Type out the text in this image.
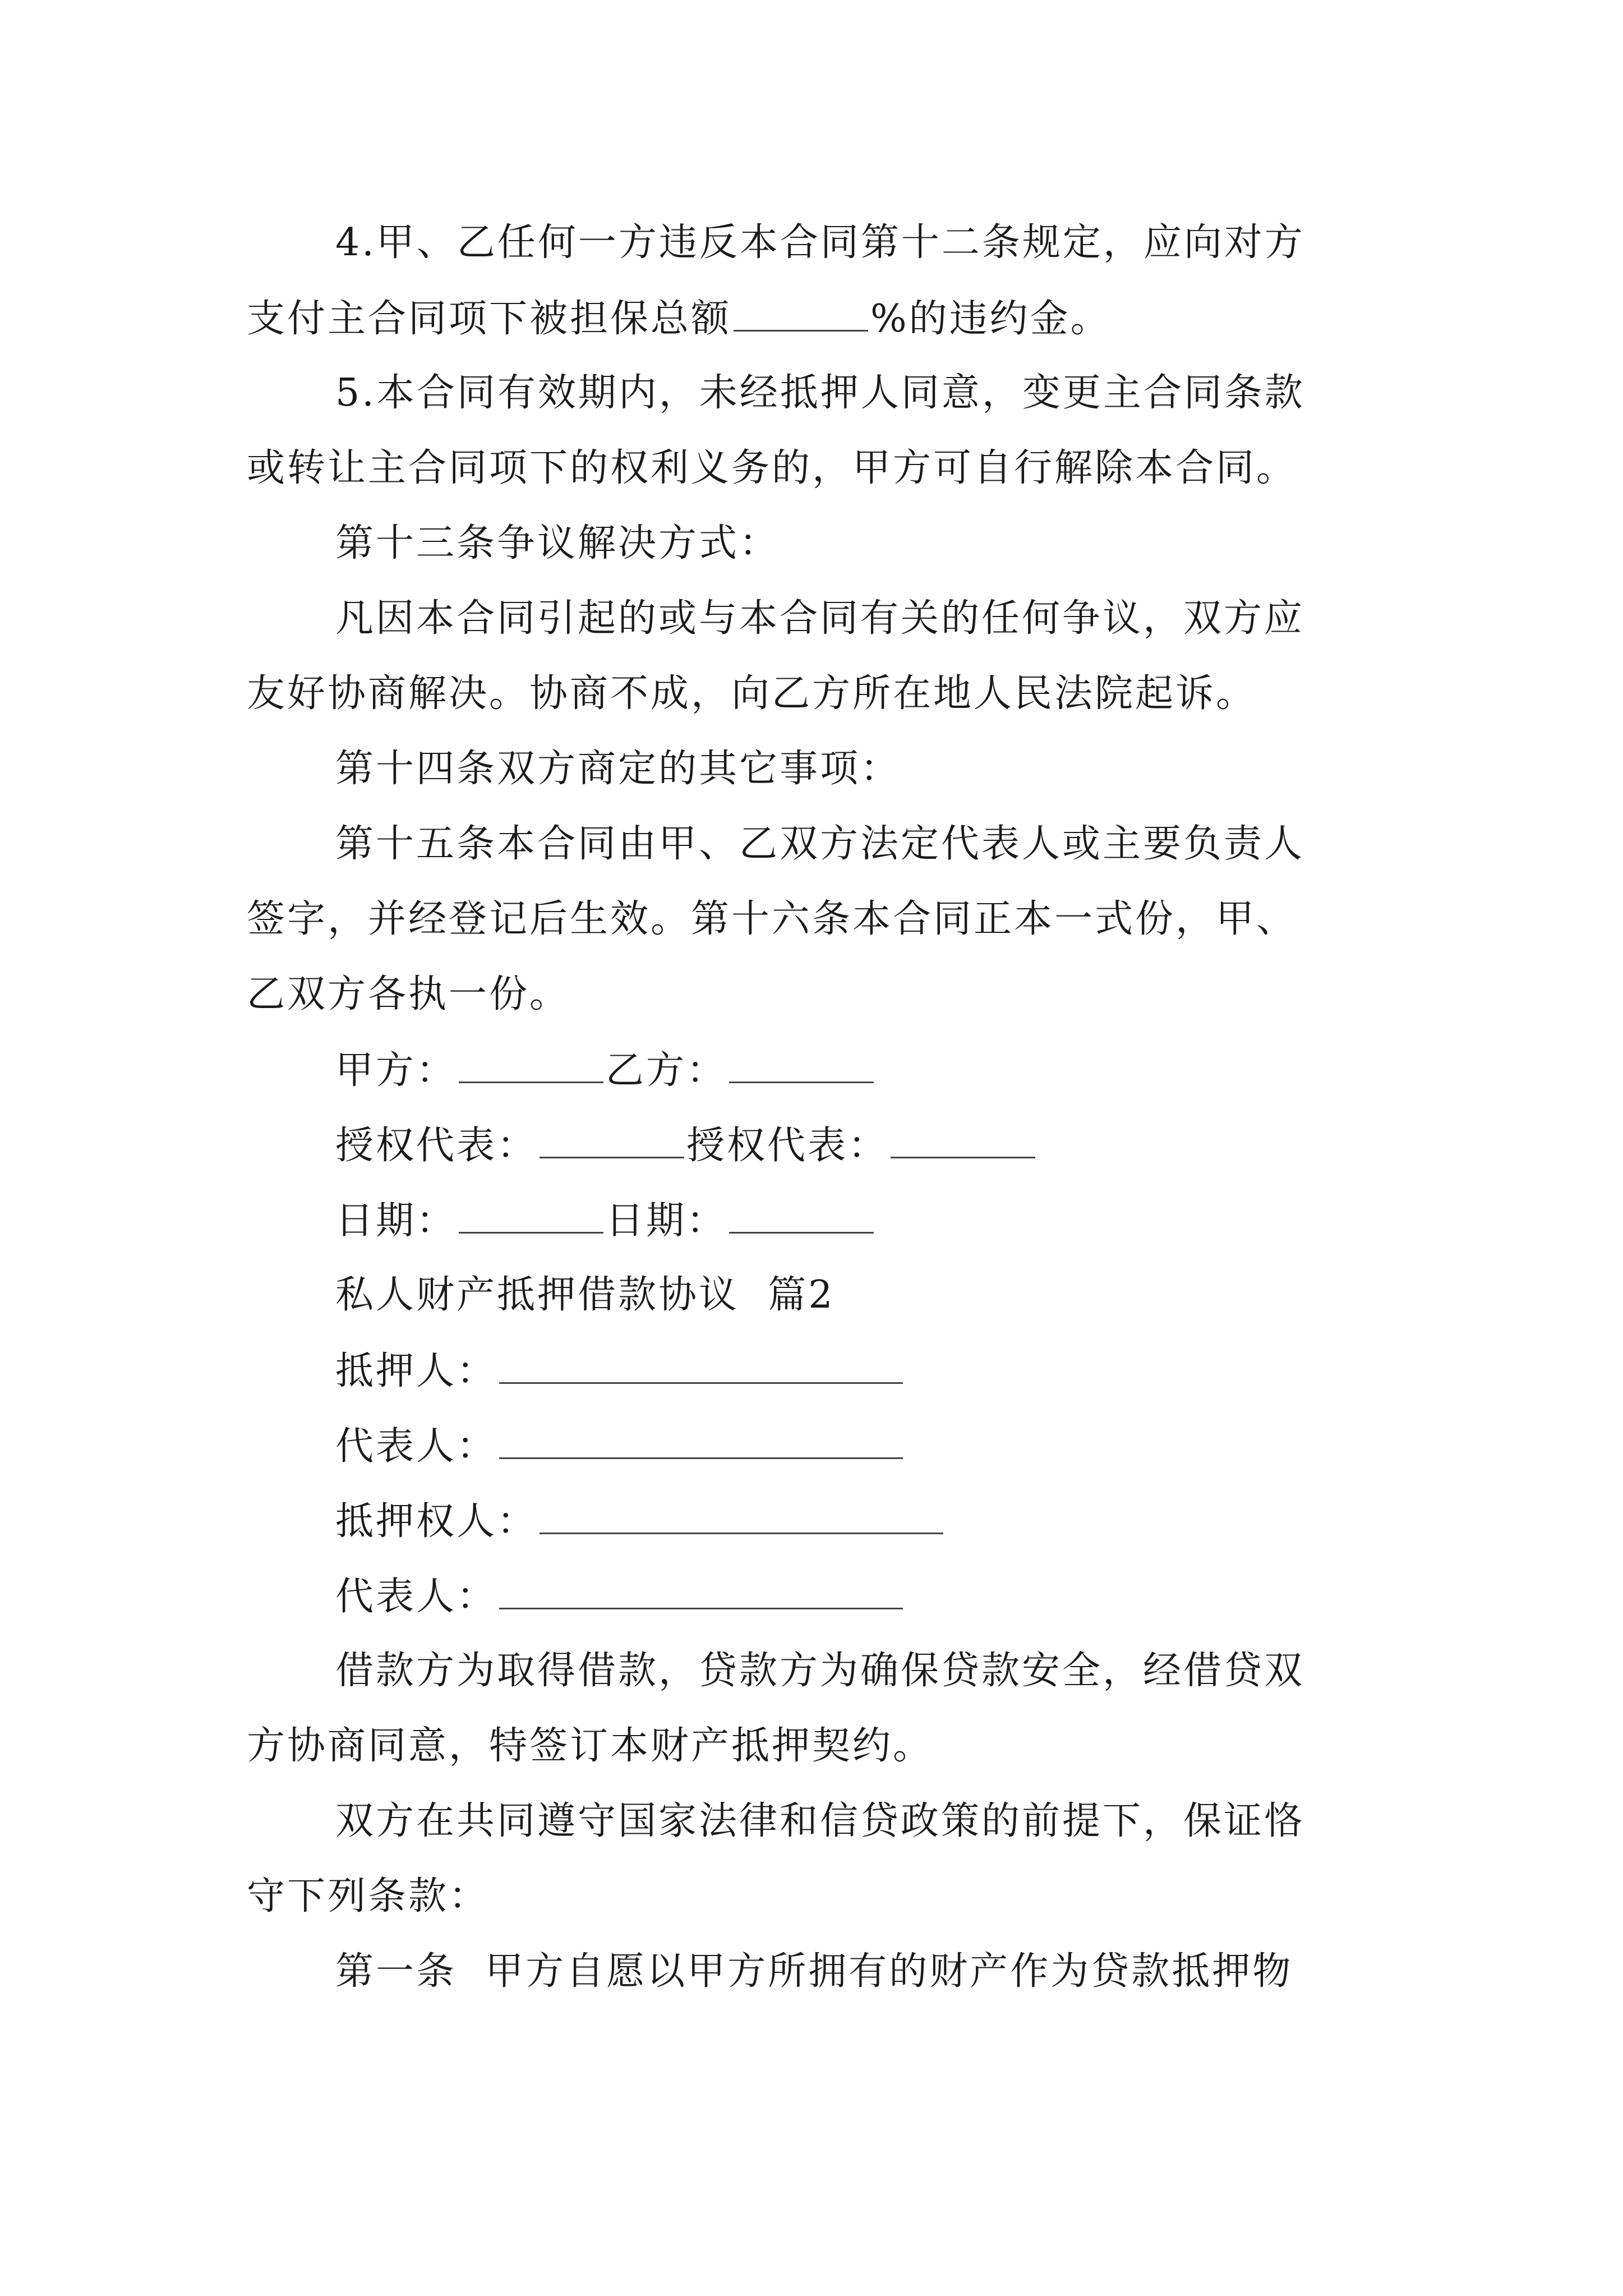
4.甲、乙任何一方违反本合同第十二条规定，应向对方
支付主合同项下被担保总额	%的违约金。
5.本合同有效期内，未经抵押人同意，变更主合同条款
或转让主合同项下的权利义务的，甲方可自行解除本合同。
第十三条争议解决方式：
凡因本合同引起的或与本合同有关的任何争议，双方应
友好协商解决。协商不成，向乙方所在地人民法院起诉。
第十四条双方商定的其它事项：
第十五条本合同由甲、乙双方法定代表人或主要负责人
签字，并经登记后生效。第十六条本合同正本一式份，甲、
乙双方各执一份。
甲方：	乙方：
授权代表：	授权代表：
日期：	日期：
私人财产抵押借款协议  篇2
抵押人：
代表人：
抵押权人：
代表人：
借款方为取得借款，贷款方为确保贷款安全，经借贷双
方协商同意，特签订本财产抵押契约。
双方在共同遵守国家法律和信贷政策的前提下，保证恪
守下列条款：
第一条  甲方自愿以甲方所拥有的财产作为贷款抵押物
